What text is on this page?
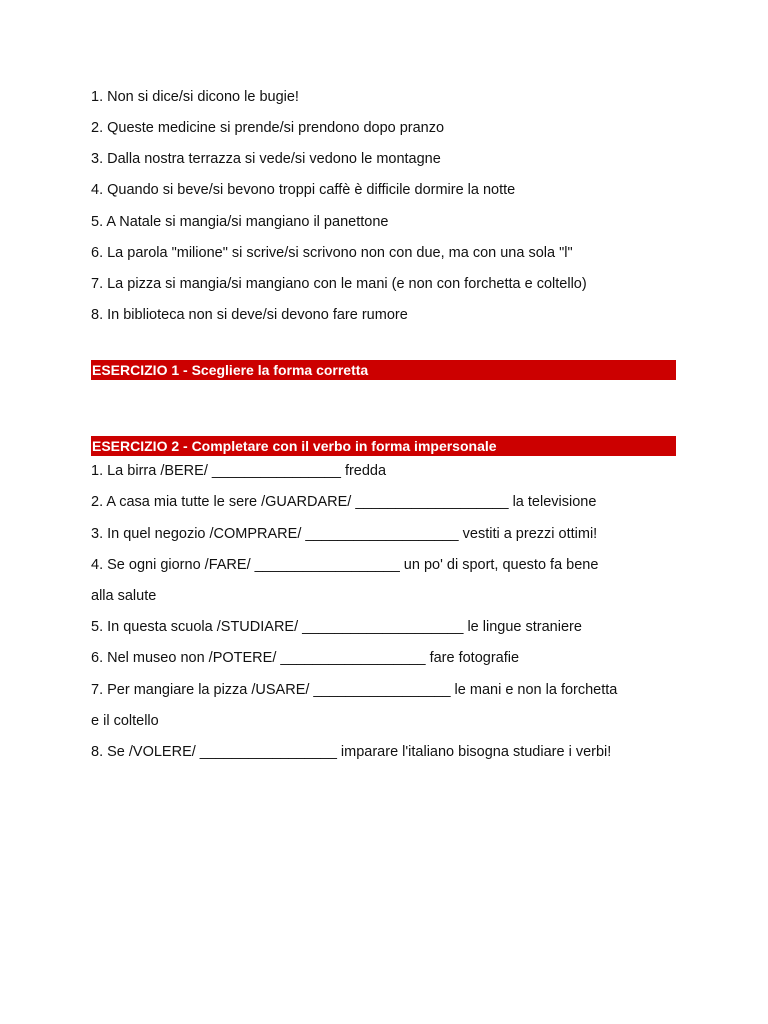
1. Non si dice/si dicono le bugie!
2. Queste medicine si prende/si prendono dopo pranzo
3. Dalla nostra terrazza si vede/si vedono le montagne
4. Quando si beve/si bevono troppi caffè è difficile dormire la notte
5. A Natale si mangia/si mangiano il panettone
6. La parola "milione" si scrive/si scrivono non con due, ma con una sola "l"
7. La pizza si mangia/si mangiano con le mani (e non con forchetta e coltello)
8. In biblioteca non si deve/si devono fare rumore
ESERCIZIO 1 - Scegliere la forma corretta
ESERCIZIO 2 - Completare con il verbo in forma impersonale
1. La birra /BERE/ ________________ fredda
2. A casa mia tutte le sere /GUARDARE/ ___________________ la televisione
3. In quel negozio /COMPRARE/ ___________________ vestiti a prezzi ottimi!
4. Se ogni giorno /FARE/ __________________ un po' di sport, questo fa bene
alla salute
5. In questa scuola /STUDIARE/ ____________________ le lingue straniere
6. Nel museo non /POTERE/ __________________ fare fotografie
7. Per mangiare la pizza /USARE/ _________________ le mani e non la forchetta
e il coltello
8. Se /VOLERE/ _________________ imparare l'italiano bisogna studiare i verbi!
